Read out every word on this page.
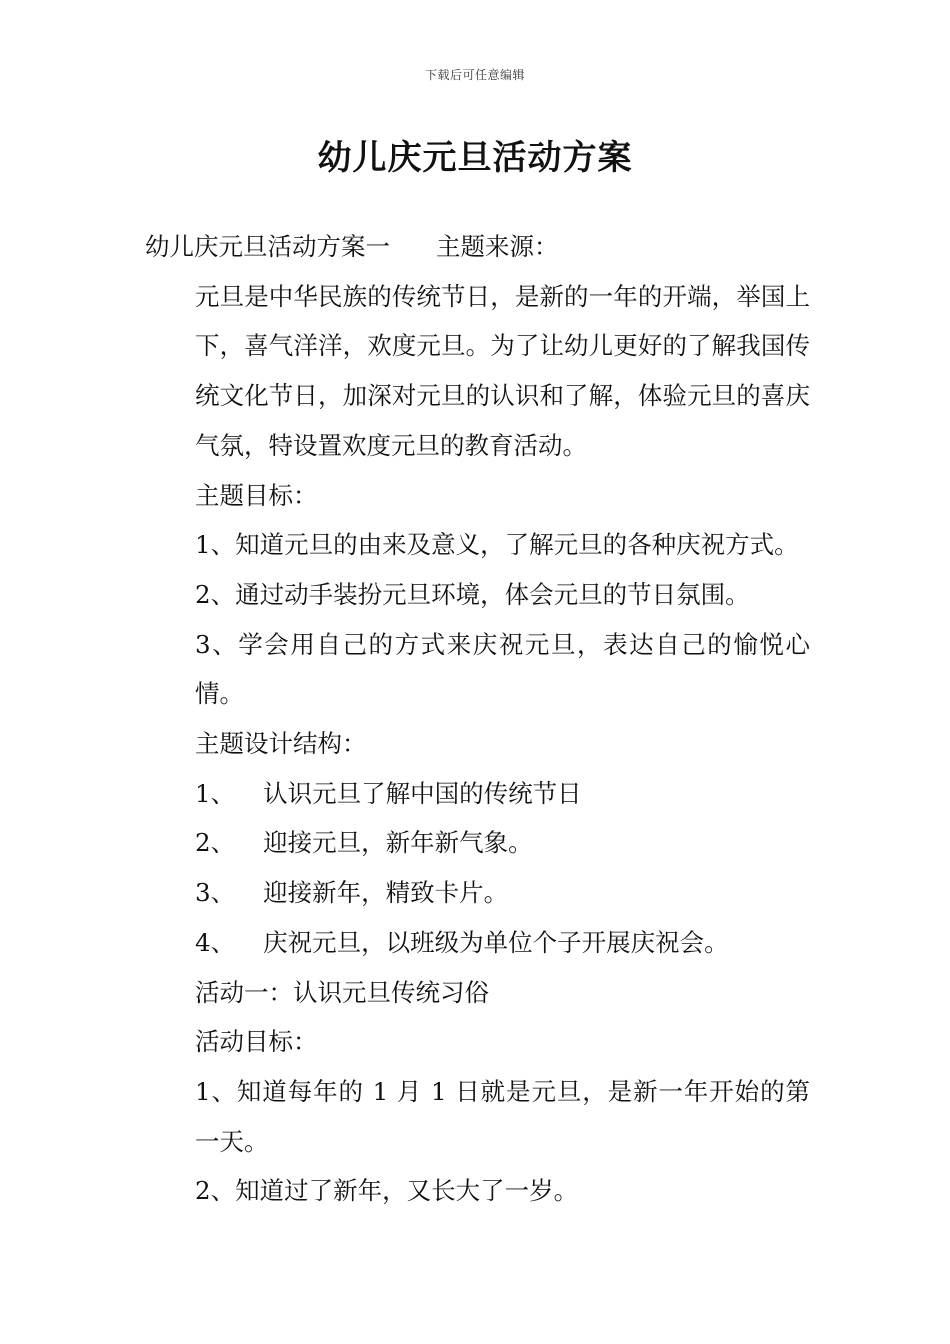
下载后可任意编辑
幼儿庆元旦活动方案

幼儿庆元旦活动方案一 主题来源：

元旦是中华民族的传统节日，是新的一年的开端，举国上下，喜气洋洋，欢度元旦。为了让幼儿更好的了解我国传统文化节日，加深对元旦的认识和了解，体验元旦的喜庆气氛，特设置欢度元旦的教育活动。

主题目标：

1、知道元旦的由来及意义，了解元旦的各种庆祝方式。

2、通过动手装扮元旦环境，体会元旦的节日氛围。

3、学会用自己的方式来庆祝元旦，表达自己的愉悦心情。

主题设计结构：

1、 认识元旦了解中国的传统节日

2、 迎接元旦，新年新气象。

3、 迎接新年，精致卡片。

4、 庆祝元旦，以班级为单位个子开展庆祝会。

活动一：认识元旦传统习俗

活动目标：

1、知道每年的 1 月 1 日就是元旦，是新一年开始的第一天。

2、知道过了新年，又长大了一岁。
